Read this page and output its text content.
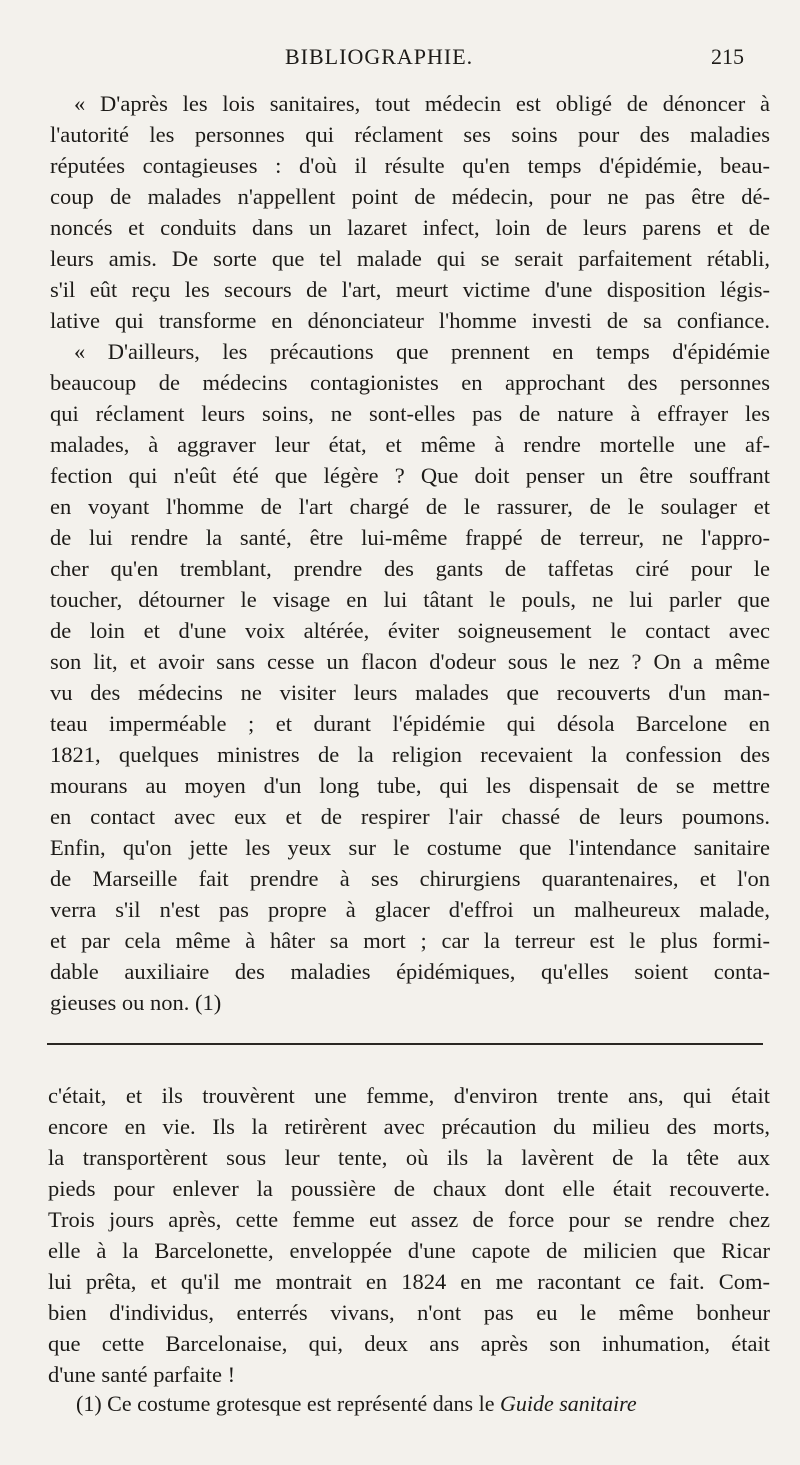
BIBLIOGRAPHIE.	215

« D'après les lois sanitaires, tout médecin est obligé de dénoncer à

l'autorité les personnes qui réclament ses soins pour des maladies

réputées contagieuses : d'où il résulte qu'en temps d'épidémie, beau-

coup de malades n'appellent point de médecin, pour ne pas être dé-

noncés et conduits dans un lazaret infect, loin de leurs parens et de

leurs amis. De sorte que tel malade qui se serait parfaitement rétabli,

s'il eût reçu les secours de l'art, meurt victime d'une disposition légis-

lative qui transforme en dénonciateur l'homme investi de sa confiance.

« D'ailleurs, les précautions que prennent en temps d'épidémie

beaucoup de médecins contagionistes en approchant des personnes

qui réclament leurs soins, ne sont-elles pas de nature à effrayer les

malades, à aggraver leur état, et même à rendre mortelle une af-

fection qui n'eût été que légère ? Que doit penser un être souffrant

en voyant l'homme de l'art chargé de le rassurer, de le soulager et

de lui rendre la santé, être lui-même frappé de terreur, ne l'appro-

cher qu'en tremblant, prendre des gants de taffetas ciré pour le

toucher, détourner le visage en lui tâtant le pouls, ne lui parler que

de loin et d'une voix altérée, éviter soigneusement le contact avec

son lit, et avoir sans cesse un flacon d'odeur sous le nez ? On a même

vu des médecins ne visiter leurs malades que recouverts d'un man-

teau imperméable ; et durant l'épidémie qui désola Barcelone en

1821, quelques ministres de la religion recevaient la confession des

mourans au moyen d'un long tube, qui les dispensait de se mettre

en contact avec eux et de respirer l'air chassé de leurs poumons.

Enfin, qu'on jette les yeux sur le costume que l'intendance sanitaire

de Marseille fait prendre à ses chirurgiens quarantenaires, et l'on

verra s'il n'est pas propre à glacer d'effroi un malheureux malade,

et par cela même à hâter sa mort ; car la terreur est le plus formi-

dable auxiliaire des maladies épidémiques, qu'elles soient conta-

gieuses ou non. (1)

c'était, et ils trouvèrent une femme, d'environ trente ans, qui était

encore en vie. Ils la retirèrent avec précaution du milieu des morts,

la transportèrent sous leur tente, où ils la lavèrent de la tête aux

pieds pour enlever la poussière de chaux dont elle était recouverte.

Trois jours après, cette femme eut assez de force pour se rendre chez

elle à la Barcelonette, enveloppée d'une capote de milicien que Ricar

lui prêta, et qu'il me montrait en 1824 en me racontant ce fait. Com-

bien d'individus, enterrés vivans, n'ont pas eu le même bonheur

que cette Barcelonaise, qui, deux ans après son inhumation, était

d'une santé parfaite !

(1) Ce costume grotesque est représenté dans le Guide sanitaire
